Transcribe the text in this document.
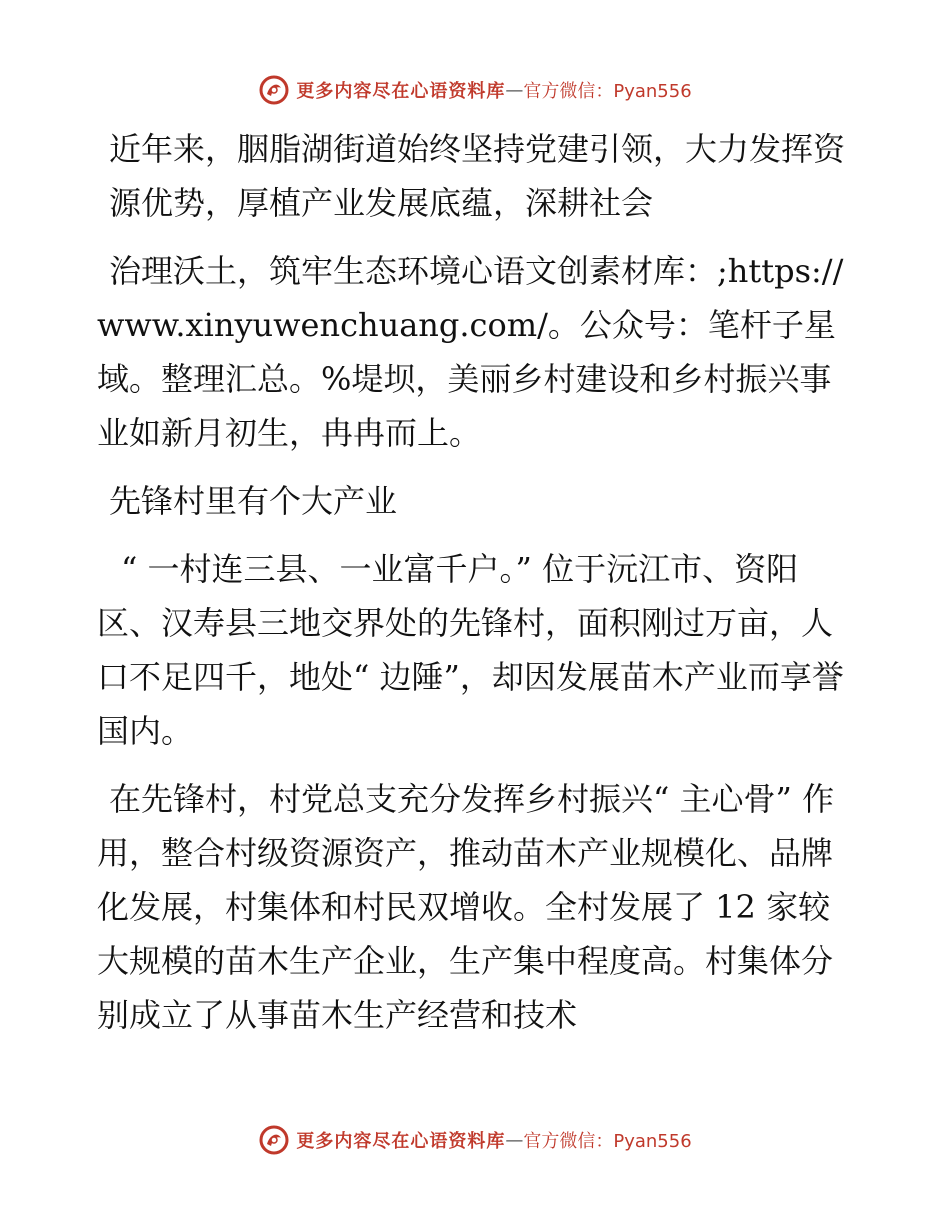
更多内容尽在心语资料库 — 官方微信：Pyan556

近年来，胭脂湖街道始终坚持党建引领，大力发挥资源优势，厚植产业发展底蕴，深耕社会

治理沃土，筑牢生态环境心语文创素材库：;https://www.xinyuwenchuang.com/。公众号：笔杆子星域。整理汇总。%堤坝，美丽乡村建设和乡村振兴事业如新月初生，冉冉而上。

先锋村里有个大产业

“ 一村连三县、一业富千户。” 位于沅江市、资阳区、汉寿县三地交界处的先锋村，面积刚过万亩，人口不足四千，地处“ 边陲”，却因发展苗木产业而享誉国内。

在先锋村，村党总支充分发挥乡村振兴“ 主心骨” 作用，整合村级资源资产，推动苗木产业规模化、品牌化发展，村集体和村民双增收。全村发展了 12 家较大规模的苗木生产企业，生产集中程度高。村集体分别成立了从事苗木生产经营和技术

更多内容尽在心语资料库 — 官方微信：Pyan556
